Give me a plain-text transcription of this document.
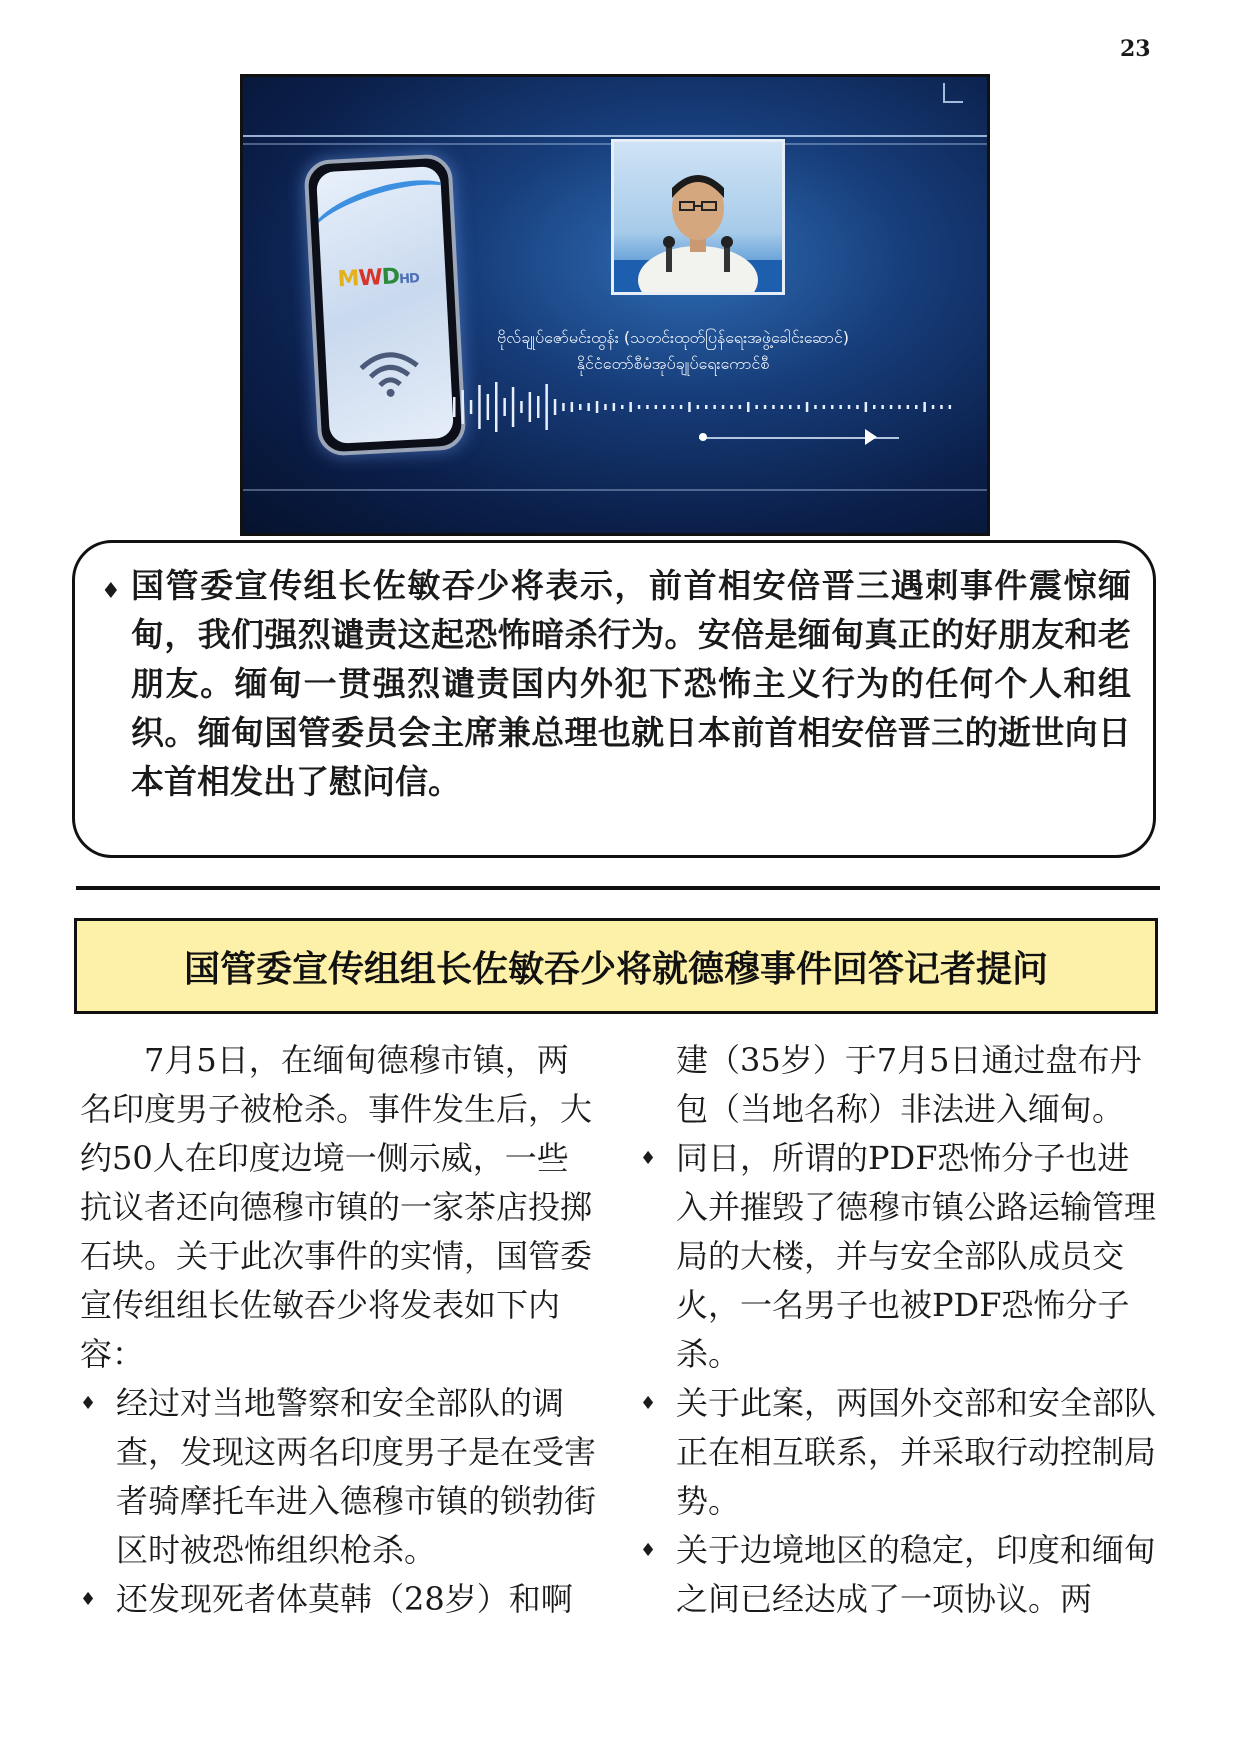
23
MWDHD
ဗိုလ်ချုပ်ဇော်မင်းထွန်း (သတင်းထုတ်ပြန်ရေးအဖွဲ့ခေါင်းဆောင်)
နိုင်ငံတော်စီမံအုပ်ချုပ်ရေးကောင်စီ
♦ 国管委宣传组长佐敏吞少将表示，前首相安倍晋三遇刺事件震惊缅甸，我们强烈谴责这起恐怖暗杀行为。安倍是缅甸真正的好朋友和老朋友。缅甸一贯强烈谴责国内外犯下恐怖主义行为的任何个人和组织。缅甸国管委员会主席兼总理也就日本前首相安倍晋三的逝世向日本首相发出了慰问信。
国管委宣传组组长佐敏吞少将就德穆事件回答记者提问

7月5日，在缅甸德穆市镇，两名印度男子被枪杀。事件发生后，大约50人在印度边境一侧示威，一些抗议者还向德穆市镇的一家茶店投掷石块。关于此次事件的实情，国管委宣传组组长佐敏吞少将发表如下内容：

♦ 经过对当地警察和安全部队的调查，发现这两名印度男子是在受害者骑摩托车进入德穆市镇的锁勃街区时被恐怖组织枪杀。

♦ 还发现死者体莫韩（28岁）和啊

建（35岁）于7月5日通过盘布丹包（当地名称）非法进入缅甸。

♦ 同日，所谓的PDF恐怖分子也进入并摧毁了德穆市镇公路运输管理局的大楼，并与安全部队成员交火，一名男子也被PDF恐怖分子杀。

♦ 关于此案，两国外交部和安全部队正在相互联系，并采取行动控制局势。

♦ 关于边境地区的稳定，印度和缅甸之间已经达成了一项协议。两
